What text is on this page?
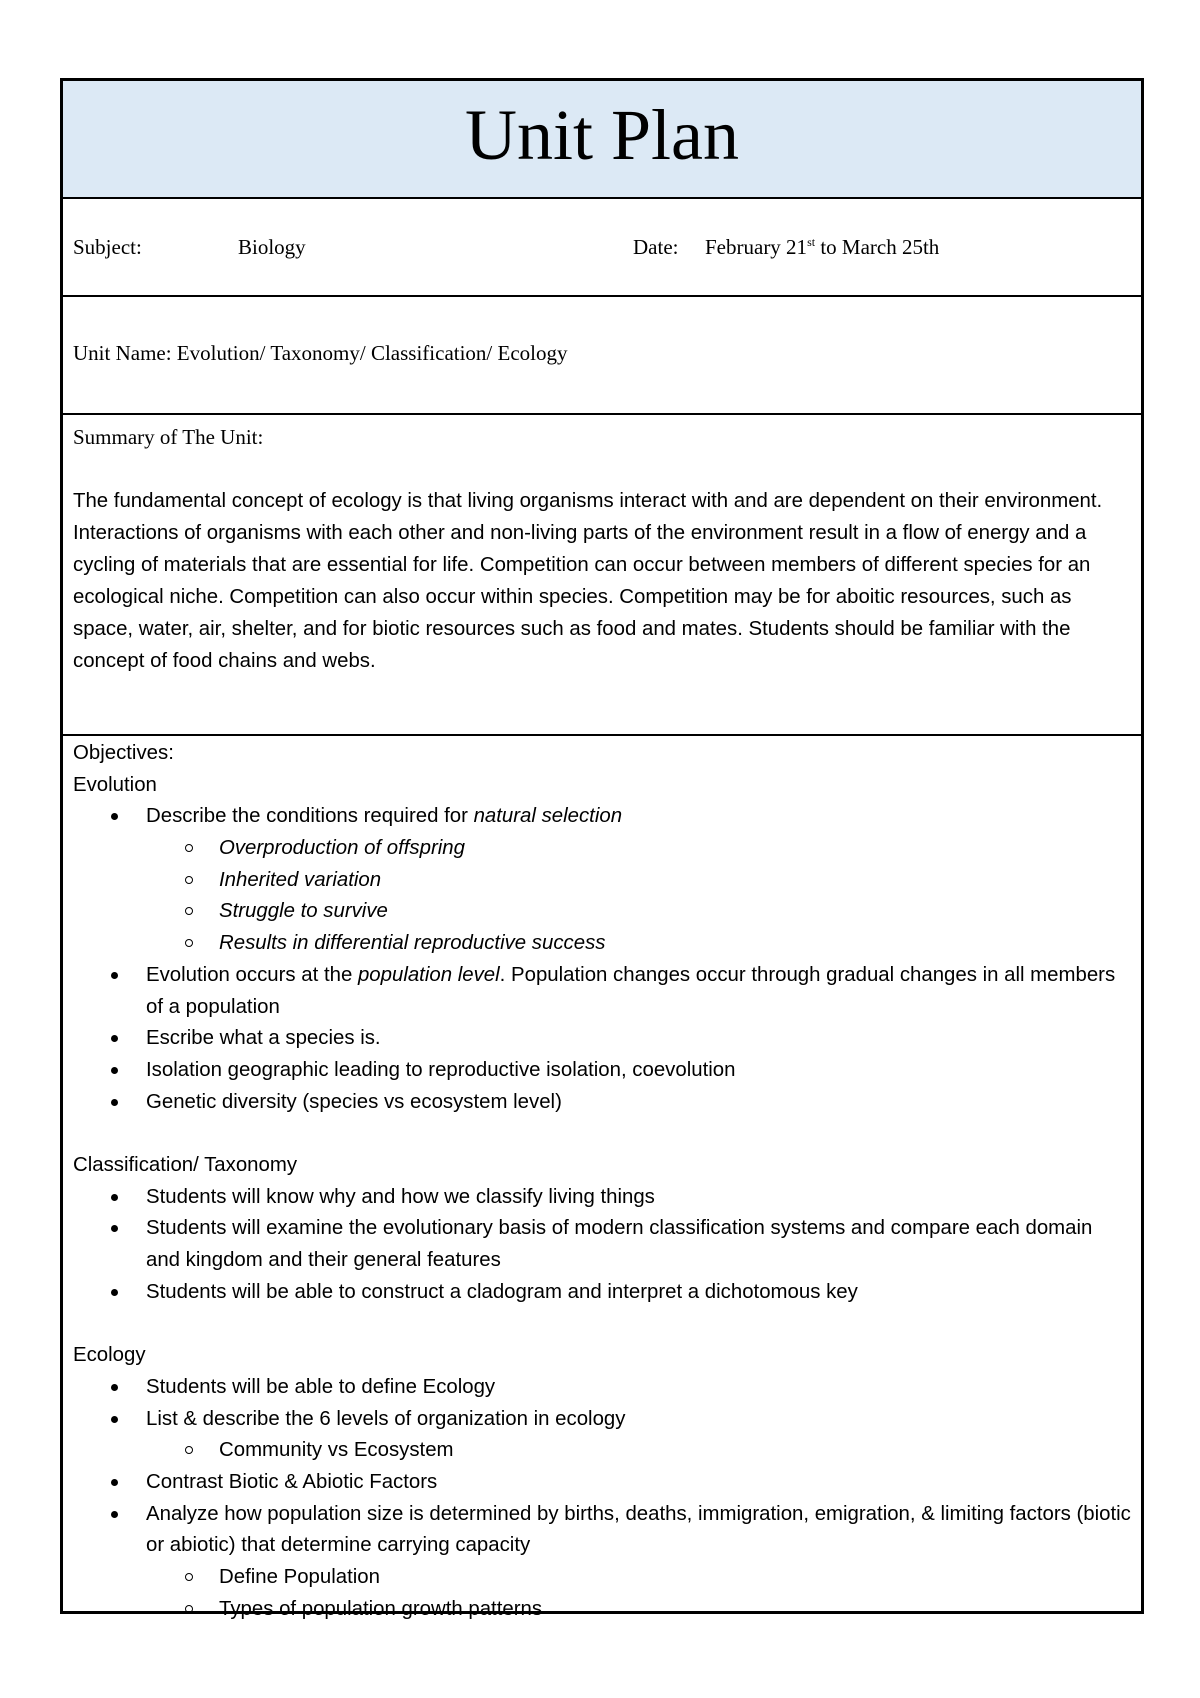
Unit Plan
Subject:	Biology	Date: February 21st to March 25th
Unit Name: Evolution/ Taxonomy/ Classification/ Ecology
Summary of The Unit:

The fundamental concept of ecology is that living organisms interact with and are dependent on their environment. Interactions of organisms with each other and non-living parts of the environment result in a flow of energy and a cycling of materials that are essential for life. Competition can occur between members of different species for an ecological niche. Competition can also occur within species. Competition may be for aboitic resources, such as space, water, air, shelter, and for biotic resources such as food and mates. Students should be familiar with the concept of food chains and webs.

Objectives:
Evolution
Describe the conditions required for natural selection
Overproduction of offspring
Inherited variation
Struggle to survive
Results in differential reproductive success
Evolution occurs at the population level. Population changes occur through gradual changes in all members of a population
Escribe what a species is.
Isolation geographic leading to reproductive isolation, coevolution
Genetic diversity (species vs ecosystem level)
Classification/ Taxonomy
Students will know why and how we classify living things
Students will examine the evolutionary basis of modern classification systems and compare each domain and kingdom and their general features
Students will be able to construct a cladogram and interpret a dichotomous key
Ecology
Students will be able to define Ecology
List & describe the 6 levels of organization in ecology
Community vs Ecosystem
Contrast Biotic & Abiotic Factors
Analyze how population size is determined by births, deaths, immigration, emigration, & limiting factors (biotic or abiotic) that determine carrying capacity
Define Population
Types of population growth patterns
